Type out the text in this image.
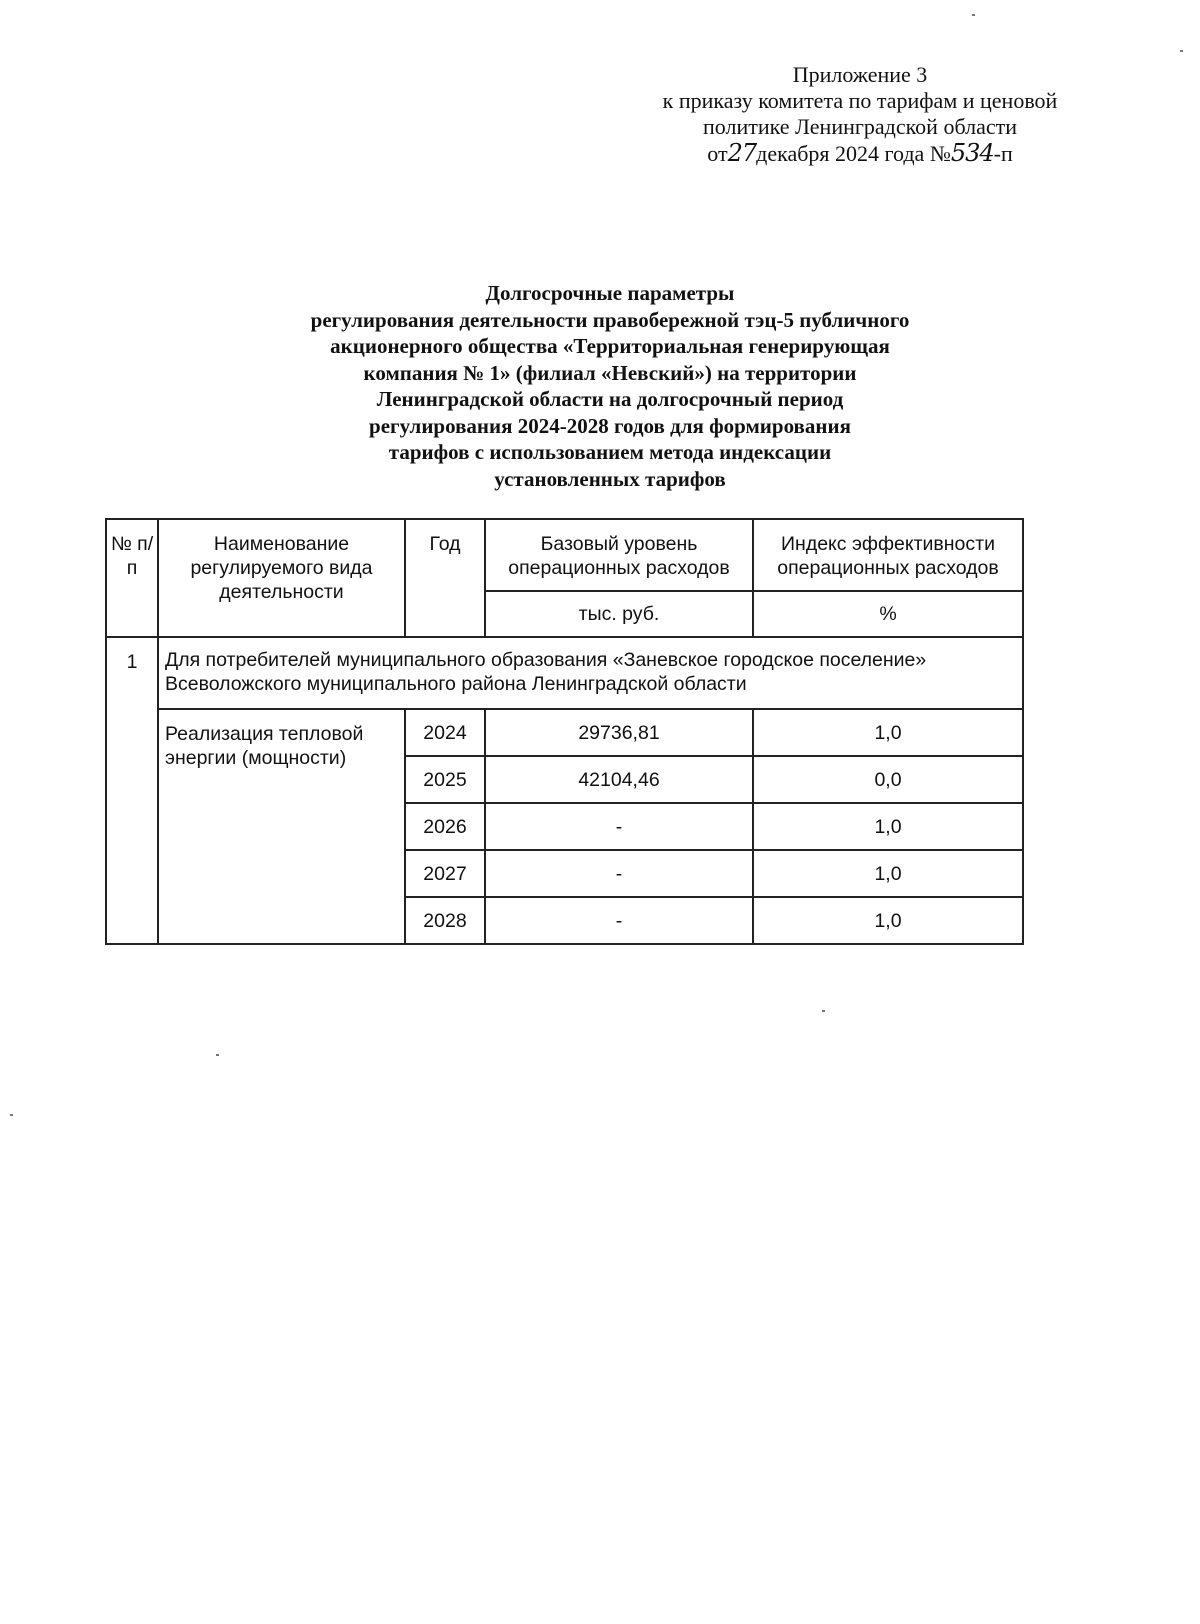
Приложение 3
к приказу комитета по тарифам и ценовой
политике Ленинградской области
от27декабря 2024 года №534-п
Долгосрочные параметры
регулирования деятельности правобережной тэц-5 публичного
акционерного общества «Территориальная генерирующая
компания № 1» (филиал «Невский») на территории
Ленинградской области на долгосрочный период
регулирования 2024-2028 годов для формирования
тарифов с использованием метода индексации
установленных тарифов
№ п/п	Наименование регулируемого вида деятельности	Год	Базовый уровень операционных расходов	Индекс эффективности операционных расходов
			тыс. руб.	%
1	Для потребителей муниципального образования «Заневское городское поселение» Всеволожского муниципального района Ленинградской области			
	Реализация тепловой энергии (мощности)	2024	29736,81	1,0
		2025	42104,46	0,0
		2026	-	1,0
		2027	-	1,0
		2028	-	1,0
